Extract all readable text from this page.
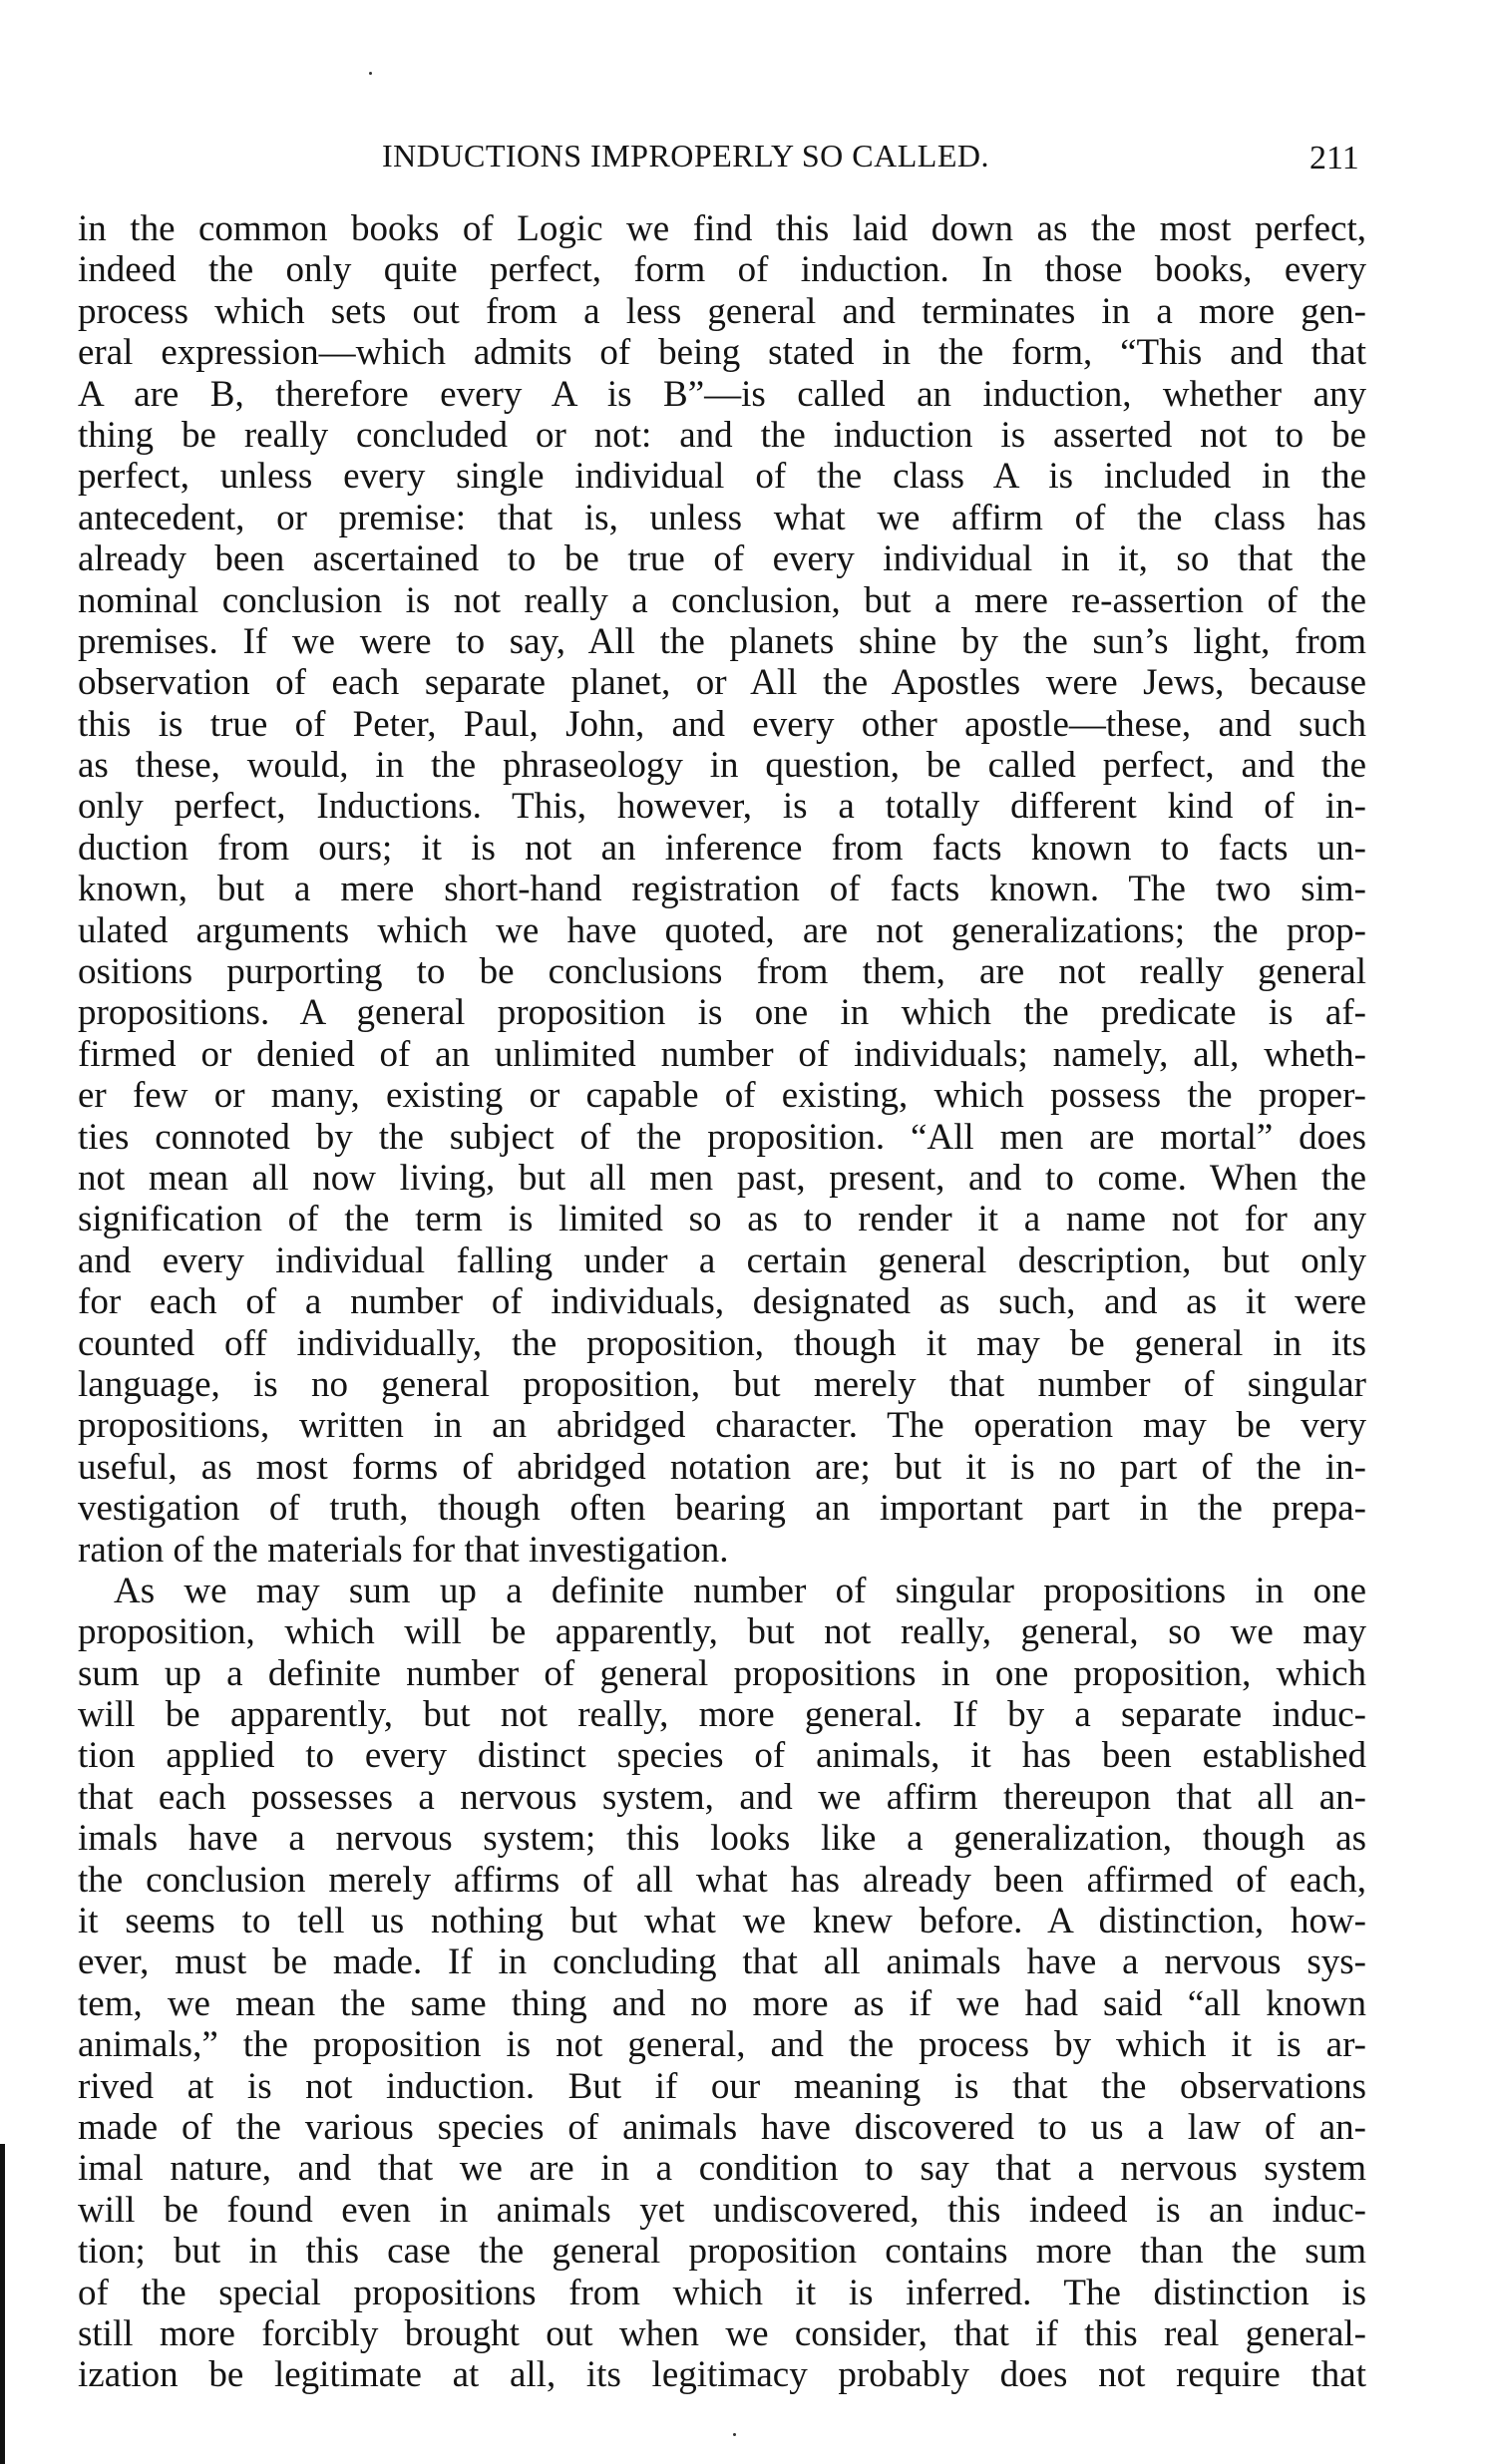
INDUCTIONS IMPROPERLY SO CALLED.	211
in the common books of Logic we find this laid down as the most perfect,
indeed the only quite perfect, form of induction. In those books, every
process which sets out from a less general and terminates in a more gen-
eral expression—which admits of being stated in the form, “This and that
A are B, therefore every A is B”—is called an induction, whether any
thing be really concluded or not: and the induction is asserted not to be
perfect, unless every single individual of the class A is included in the
antecedent, or premise: that is, unless what we affirm of the class has
already been ascertained to be true of every individual in it, so that the
nominal conclusion is not really a conclusion, but a mere re-assertion of the
premises. If we were to say, All the planets shine by the sun’s light, from
observation of each separate planet, or All the Apostles were Jews, because
this is true of Peter, Paul, John, and every other apostle—these, and such
as these, would, in the phraseology in question, be called perfect, and the
only perfect, Inductions. This, however, is a totally different kind of in-
duction from ours; it is not an inference from facts known to facts un-
known, but a mere short-hand registration of facts known. The two sim-
ulated arguments which we have quoted, are not generalizations; the prop-
ositions purporting to be conclusions from them, are not really general
propositions. A general proposition is one in which the predicate is af-
firmed or denied of an unlimited number of individuals; namely, all, wheth-
er few or many, existing or capable of existing, which possess the proper-
ties connoted by the subject of the proposition. “All men are mortal” does
not mean all now living, but all men past, present, and to come. When the
signification of the term is limited so as to render it a name not for any
and every individual falling under a certain general description, but only
for each of a number of individuals, designated as such, and as it were
counted off individually, the proposition, though it may be general in its
language, is no general proposition, but merely that number of singular
propositions, written in an abridged character. The operation may be very
useful, as most forms of abridged notation are; but it is no part of the in-
vestigation of truth, though often bearing an important part in the prepa-
ration of the materials for that investigation.
As we may sum up a definite number of singular propositions in one
proposition, which will be apparently, but not really, general, so we may
sum up a definite number of general propositions in one proposition, which
will be apparently, but not really, more general. If by a separate induc-
tion applied to every distinct species of animals, it has been established
that each possesses a nervous system, and we affirm thereupon that all an-
imals have a nervous system; this looks like a generalization, though as
the conclusion merely affirms of all what has already been affirmed of each,
it seems to tell us nothing but what we knew before. A distinction, how-
ever, must be made. If in concluding that all animals have a nervous sys-
tem, we mean the same thing and no more as if we had said “all known
animals,” the proposition is not general, and the process by which it is ar-
rived at is not induction. But if our meaning is that the observations
made of the various species of animals have discovered to us a law of an-
imal nature, and that we are in a condition to say that a nervous system
will be found even in animals yet undiscovered, this indeed is an induc-
tion; but in this case the general proposition contains more than the sum
of the special propositions from which it is inferred. The distinction is
still more forcibly brought out when we consider, that if this real general-
ization be legitimate at all, its legitimacy probably does not require that
